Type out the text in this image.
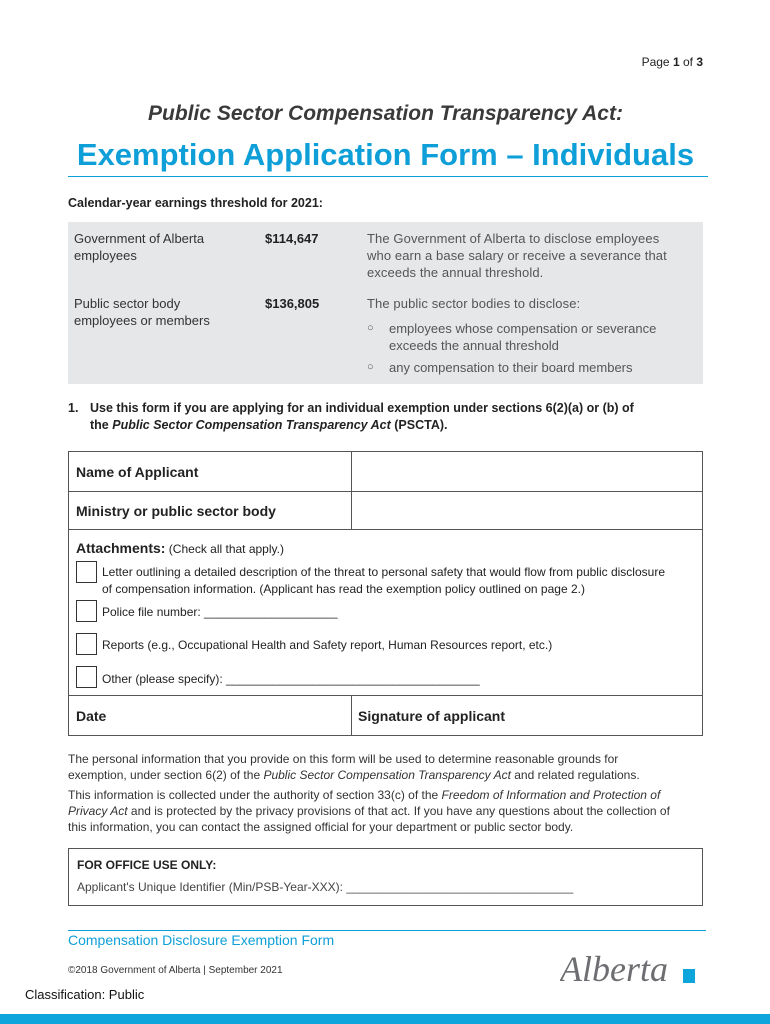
Page 1 of 3
Public Sector Compensation Transparency Act:
Exemption Application Form – Individuals
Calendar-year earnings threshold for 2021:
Government of Alberta
employees
$114,647	The Government of Alberta to disclose employees
who earn a base salary or receive a severance that
exceeds the annual threshold.
Public sector body
employees or members
$136,805	The public sector bodies to disclose:
○ employees whose compensation or severance
exceeds the annual threshold
○ any compensation to their board members
1. Use this form if you are applying for an individual exemption under sections 6(2)(a) or (b) of
the Public Sector Compensation Transparency Act (PSCTA).
Name of Applicant
Ministry or public sector body
Attachments: (Check all that apply.)
Letter outlining a detailed description of the threat to personal safety that would flow from public disclosure
of compensation information. (Applicant has read the exemption policy outlined on page 2.)
Police file number: ____________________
Reports (e.g., Occupational Health and Safety report, Human Resources report, etc.)
Other (please specify): ______________________________________
Date	Signature of applicant
The personal information that you provide on this form will be used to determine reasonable grounds for
exemption, under section 6(2) of the Public Sector Compensation Transparency Act and related regulations.
This information is collected under the authority of section 33(c) of the Freedom of Information and Protection of
Privacy Act and is protected by the privacy provisions of that act. If you have any questions about the collection of
this information, you can contact the assigned official for your department or public sector body.
FOR OFFICE USE ONLY:
Applicant's Unique Identifier (Min/PSB-Year-XXX): __________________________________
Compensation Disclosure Exemption Form
©2018 Government of Alberta | September 2021	Alberta
Classification: Public
